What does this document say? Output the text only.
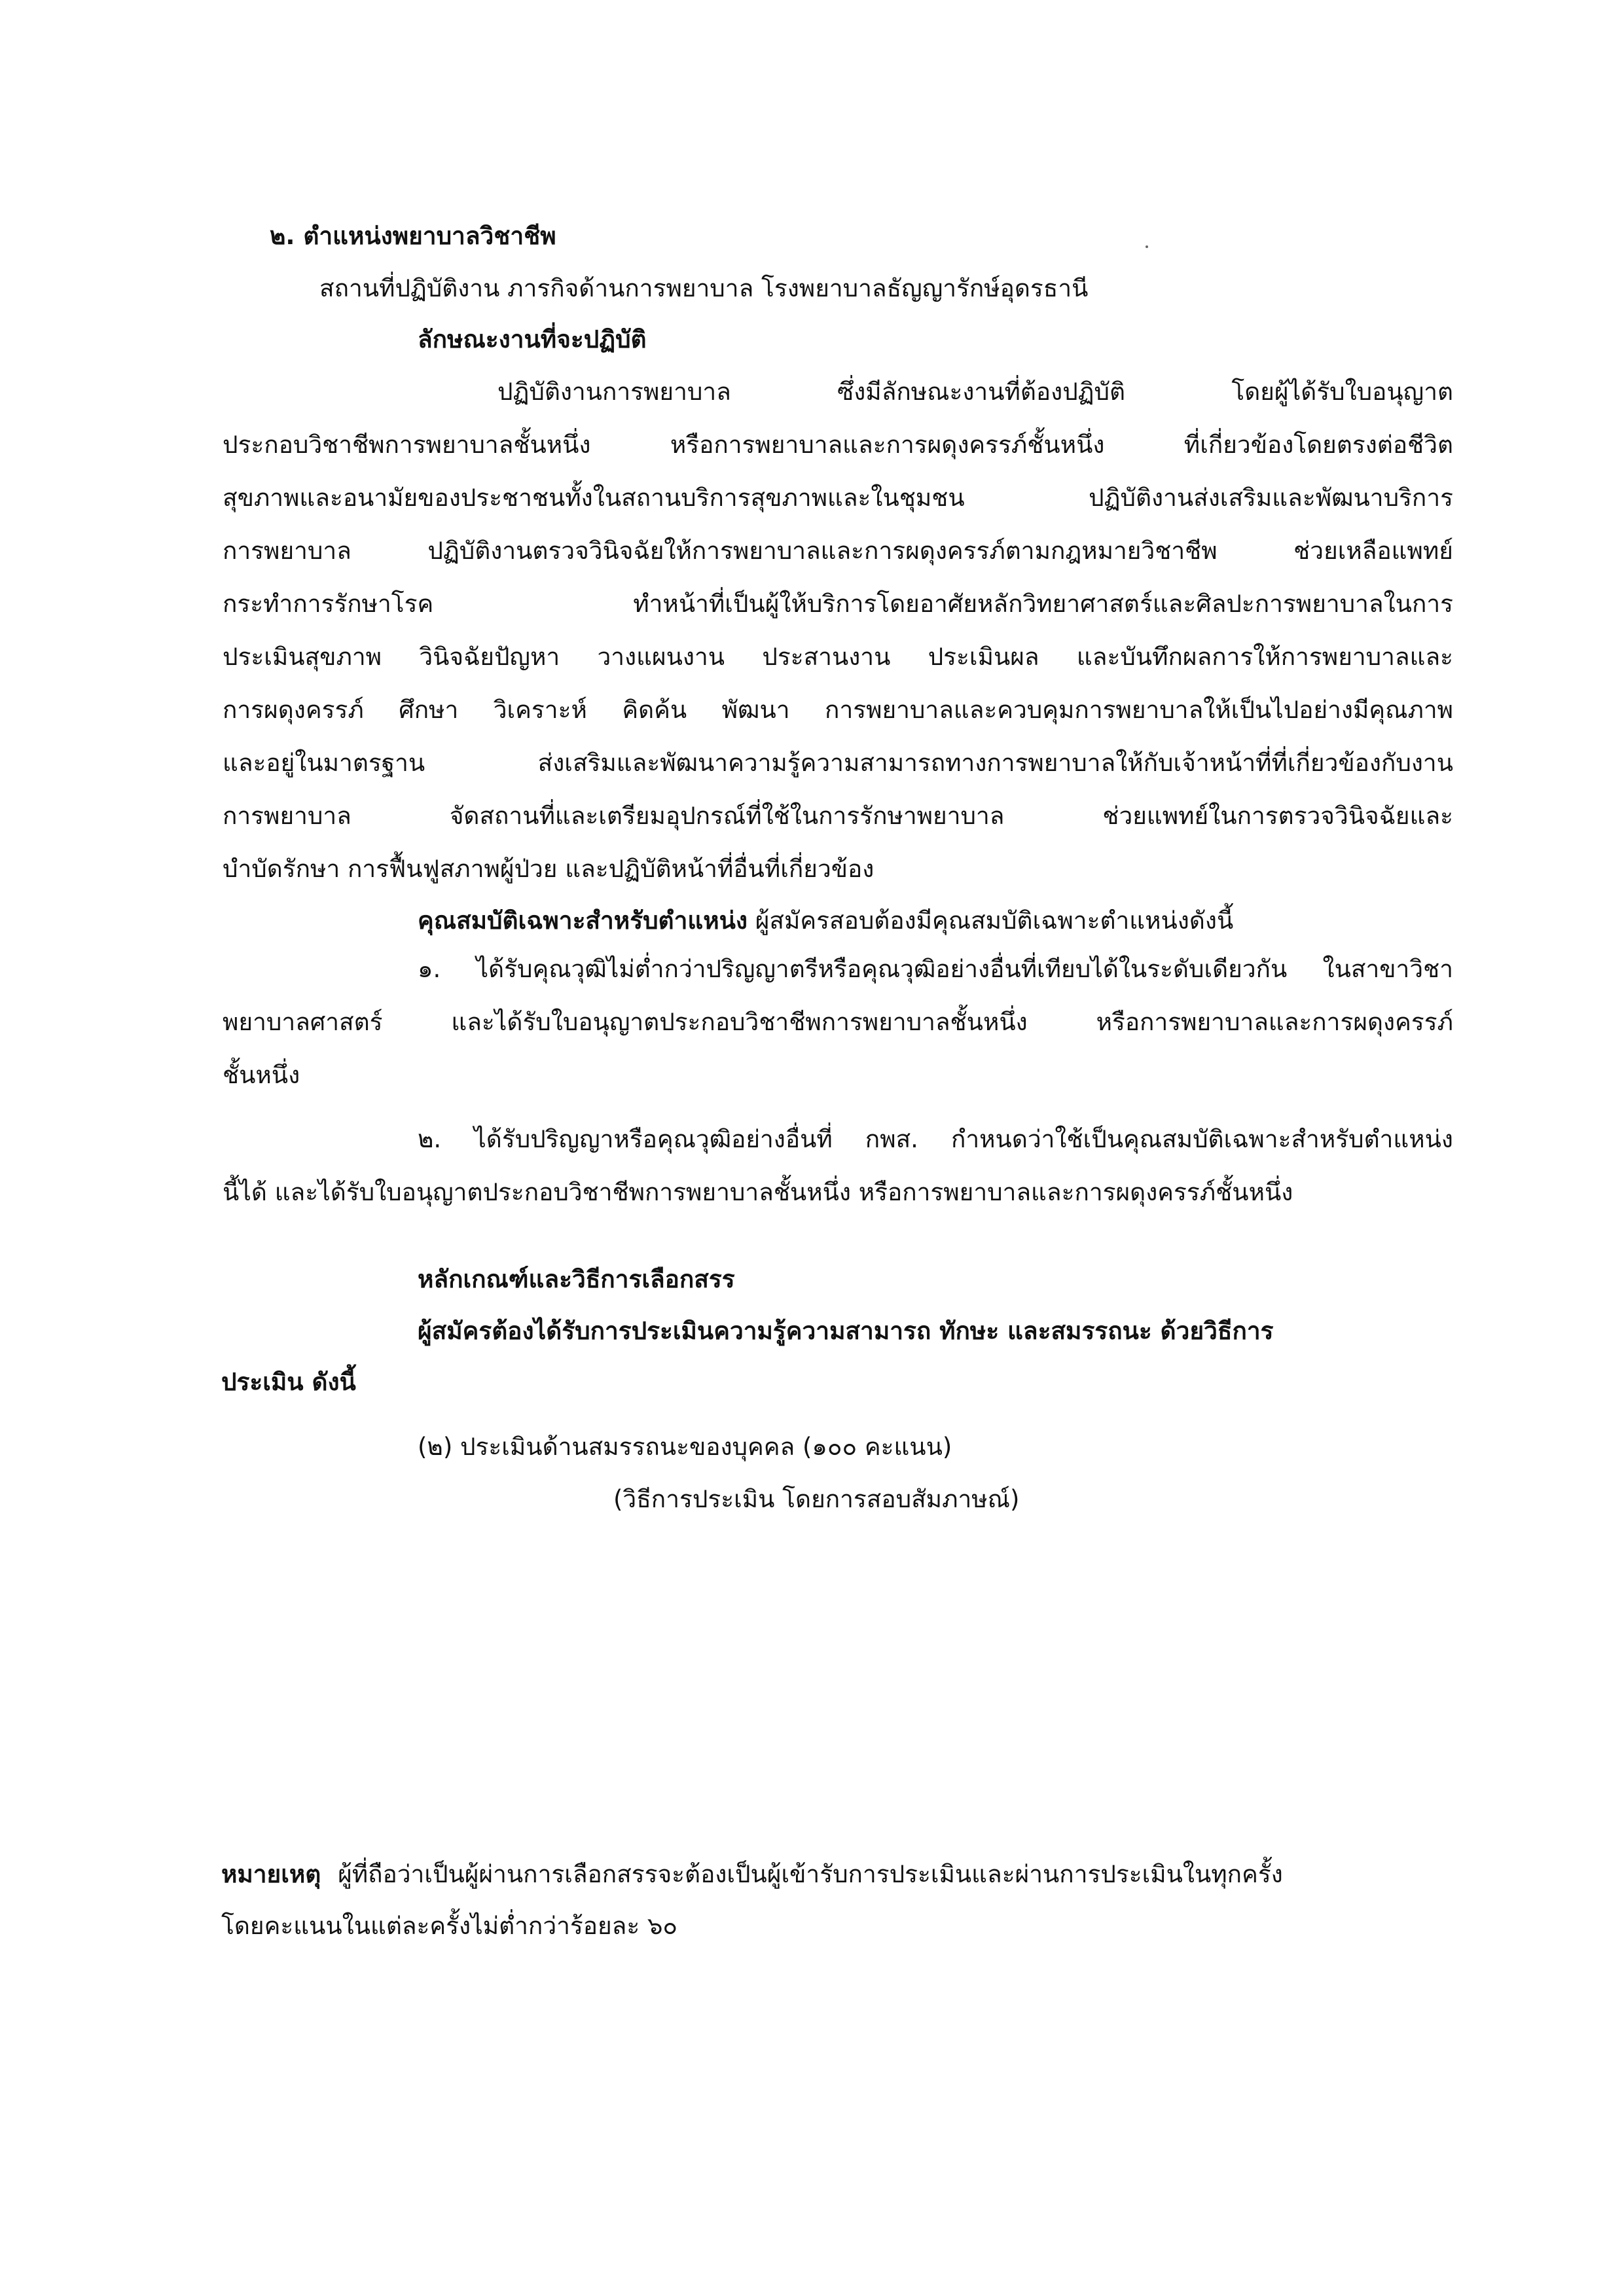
๒. ตำแหน่งพยาบาลวิชาชีพ
สถานที่ปฏิบัติงาน ภารกิจด้านการพยาบาล โรงพยาบาลธัญญารักษ์อุดรธานี
ลักษณะงานที่จะปฏิบัติ
ปฏิบัติงานการพยาบาล ซึ่งมีลักษณะงานที่ต้องปฏิบัติ โดยผู้ได้รับใบอนุญาต
ประกอบวิชาชีพการพยาบาลชั้นหนึ่ง หรือการพยาบาลและการผดุงครรภ์ชั้นหนึ่ง ที่เกี่ยวข้องโดยตรงต่อชีวิต
สุขภาพและอนามัยของประชาชนทั้งในสถานบริการสุขภาพและในชุมชน ปฏิบัติงานส่งเสริมและพัฒนาบริการ
การพยาบาล ปฏิบัติงานตรวจวินิจฉัยให้การพยาบาลและการผดุงครรภ์ตามกฎหมายวิชาชีพ ช่วยเหลือแพทย์
กระทำการรักษาโรค ทำหน้าที่เป็นผู้ให้บริการโดยอาศัยหลักวิทยาศาสตร์และศิลปะการพยาบาลในการ
ประเมินสุขภาพ วินิจฉัยปัญหา วางแผนงาน ประสานงาน ประเมินผล และบันทึกผลการให้การพยาบาลและ
การผดุงครรภ์ ศึกษา วิเคราะห์ คิดค้น พัฒนา การพยาบาลและควบคุมการพยาบาลให้เป็นไปอย่างมีคุณภาพ
และอยู่ในมาตรฐาน ส่งเสริมและพัฒนาความรู้ความสามารถทางการพยาบาลให้กับเจ้าหน้าที่ที่เกี่ยวข้องกับงาน
การพยาบาล จัดสถานที่และเตรียมอุปกรณ์ที่ใช้ในการรักษาพยาบาล ช่วยแพทย์ในการตรวจวินิจฉัยและ
บำบัดรักษา การฟื้นฟูสภาพผู้ป่วย และปฏิบัติหน้าที่อื่นที่เกี่ยวข้อง
คุณสมบัติเฉพาะสำหรับตำแหน่ง ผู้สมัครสอบต้องมีคุณสมบัติเฉพาะตำแหน่งดังนี้
๑. ได้รับคุณวุฒิไม่ต่ำกว่าปริญญาตรีหรือคุณวุฒิอย่างอื่นที่เทียบได้ในระดับเดียวกัน ในสาขาวิชา
พยาบาลศาสตร์ และได้รับใบอนุญาตประกอบวิชาชีพการพยาบาลชั้นหนึ่ง หรือการพยาบาลและการผดุงครรภ์
ชั้นหนึ่ง
๒. ได้รับปริญญาหรือคุณวุฒิอย่างอื่นที่ กพส. กำหนดว่าใช้เป็นคุณสมบัติเฉพาะสำหรับตำแหน่ง
นี้ได้ และได้รับใบอนุญาตประกอบวิชาชีพการพยาบาลชั้นหนึ่ง หรือการพยาบาลและการผดุงครรภ์ชั้นหนึ่ง
หลักเกณฑ์และวิธีการเลือกสรร
ผู้สมัครต้องได้รับการประเมินความรู้ความสามารถ ทักษะ และสมรรถนะ ด้วยวิธีการ
ประเมิน ดังนี้
(๒) ประเมินด้านสมรรถนะของบุคคล (๑๐๐ คะแนน)
(วิธีการประเมิน โดยการสอบสัมภาษณ์)
หมายเหตุ ผู้ที่ถือว่าเป็นผู้ผ่านการเลือกสรรจะต้องเป็นผู้เข้ารับการประเมินและผ่านการประเมินในทุกครั้ง
โดยคะแนนในแต่ละครั้งไม่ต่ำกว่าร้อยละ ๖๐
